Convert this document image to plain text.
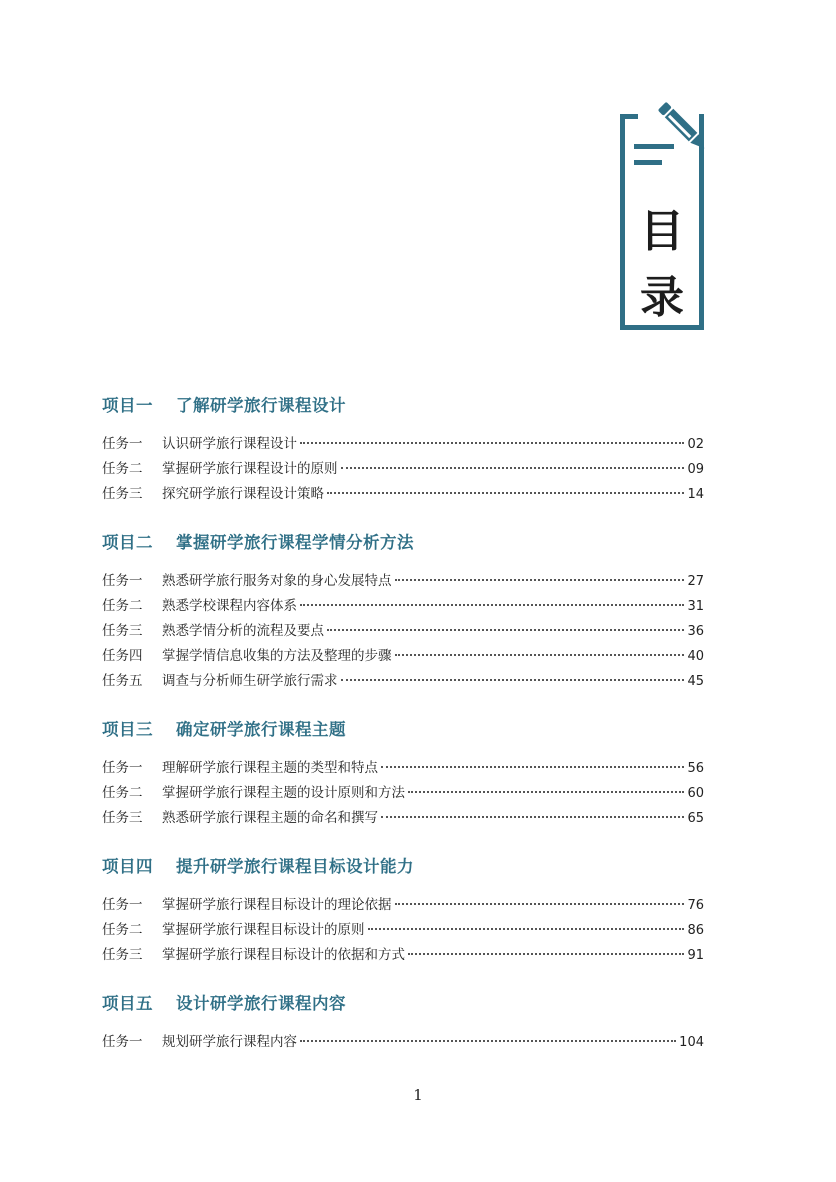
目
录
项目一 了解研学旅行课程设计
任务一	认识研学旅行课程设计	02
任务二	掌握研学旅行课程设计的原则	09
任务三	探究研学旅行课程设计策略	14
项目二 掌握研学旅行课程学情分析方法
任务一	熟悉研学旅行服务对象的身心发展特点	27
任务二	熟悉学校课程内容体系	31
任务三	熟悉学情分析的流程及要点	36
任务四	掌握学情信息收集的方法及整理的步骤	40
任务五	调查与分析师生研学旅行需求	45
项目三 确定研学旅行课程主题
任务一	理解研学旅行课程主题的类型和特点	56
任务二	掌握研学旅行课程主题的设计原则和方法	60
任务三	熟悉研学旅行课程主题的命名和撰写	65
项目四 提升研学旅行课程目标设计能力
任务一	掌握研学旅行课程目标设计的理论依据	76
任务二	掌握研学旅行课程目标设计的原则	86
任务三	掌握研学旅行课程目标设计的依据和方式	91
项目五 设计研学旅行课程内容
任务一	规划研学旅行课程内容	104
1
